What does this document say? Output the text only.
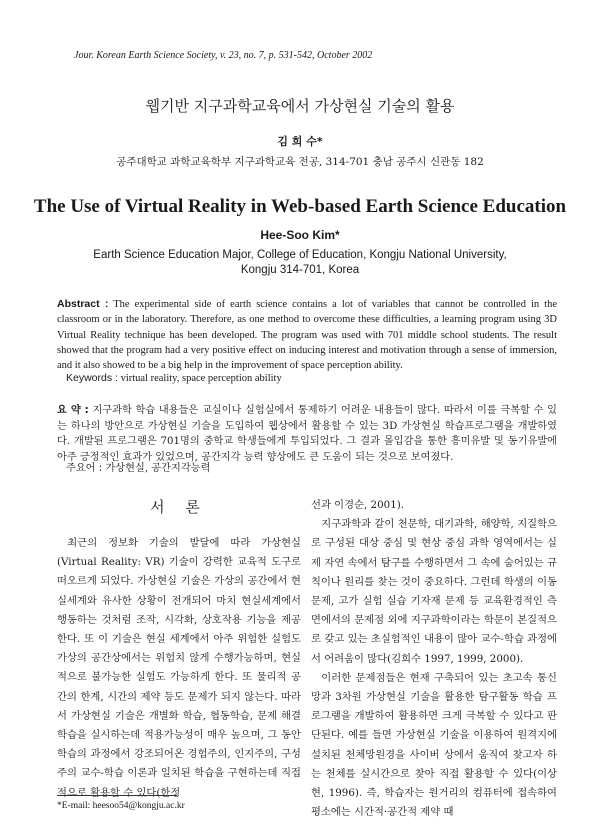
Jour. Korean Earth Science Society, v. 23, no. 7, p. 531-542, October 2002
웹기반 지구과학교육에서 가상현실 기술의 활용
김 희 수*
공주대학교 과학교육학부 지구과학교육 전공, 314-701 충남 공주시 신관동 182
The Use of Virtual Reality in Web-based Earth Science Education
Hee-Soo Kim*
Earth Science Education Major, College of Education, Kongju National University,
Kongju 314-701, Korea
Abstract : The experimental side of earth science contains a lot of variables that cannot be controlled in the classroom or in the laboratory. Therefore, as one method to overcome these difficulties, a learning program using 3D Virtual Reality technique has been developed. The program was used with 701 middle school students. The result showed that the program had a very positive effect on inducing interest and motivation through a sense of immersion, and it also showed to be a big help in the improvement of space perception ability.
Keywords : virtual reality, space perception ability
요 약 : 지구과학 학습 내용들은 교실이나 실험실에서 통제하기 어려운 내용들이 많다. 따라서 이를 극복할 수 있는 하나의 방안으로 가상현실 기술을 도입하여 웹상에서 활용할 수 있는 3D 가상현실 학습프로그램을 개발하였다. 개발된 프로그램은 701명의 중학교 학생들에게 투입되었다. 그 결과 몰입감을 통한 흥미유발 및 동기유발에 아주 긍정적인 효과가 있었으며, 공간지각 능력 향상에도 큰 도움이 되는 것으로 보여졌다.
주요어 : 가상현실, 공간지각능력
서 론

최근의 정보화 기술의 발달에 따라 가상현실(Virtual Reality: VR) 기술이 강력한 교육적 도구로 떠오르게 되었다. 가상현실 기술은 가상의 공간에서 현실세계와 유사한 상황이 전개되어 마치 현실세계에서 행동하는 것처럼 조작, 시각화, 상호작용 기능을 제공한다. 또 이 기술은 현실 세계에서 아주 위험한 실험도 가상의 공간상에서는 위험치 않게 수행가능하며, 현실적으로 불가능한 실험도 가능하게 한다. 또 물리적 공간의 한계, 시간의 제약 등도 문제가 되지 않는다. 따라서 가상현실 기술은 개별화 학습, 협동학습, 문제 해결 학습을 실시하는데 적용가능성이 매우 높으며, 그 동안 학습의 과정에서 강조되어온 경험주의, 인지주의, 구성주의 교수-학습 이론과 일치된 학습을 구현하는데 직접적으로 활용할 수 있다(한정

선과 이경순, 2001).

지구과학과 같이 천문학, 대기과학, 해양학, 지질학으로 구성된 대상 중심 및 현상 중심 과학 영역에서는 실제 자연 속에서 탐구를 수행하면서 그 속에 숨어있는 규칙이나 원리를 찾는 것이 중요하다. 그런데 학생의 이동 문제, 고가 실험 실습 기자재 문제 등 교육환경적인 측면에서의 문제점 외에 지구과학이라는 학문이 본질적으로 갖고 있는 초실험적인 내용이 많아 교수-학습 과정에서 어려움이 많다(김희수 1997, 1999, 2000).

이러한 문제점들은 현재 구축되어 있는 초고속 통신망과 3차원 가상현실 기술을 활용한 탐구활동 학습 프로그램을 개발하여 활용하면 크게 극복할 수 있다고 판단된다. 예를 들면 가상현실 기술을 이용하여 원격지에 설치된 천체망원경을 사이버 상에서 움직여 찾고자 하는 천체를 실시간으로 찾아 직접 활용할 수 있다(이상현, 1996). 즉, 학습자는 원거리의 컴퓨터에 접속하여 평소에는 시간적·공간적 제약 때

*E-mail: heesoo54@kongju.ac.kr
